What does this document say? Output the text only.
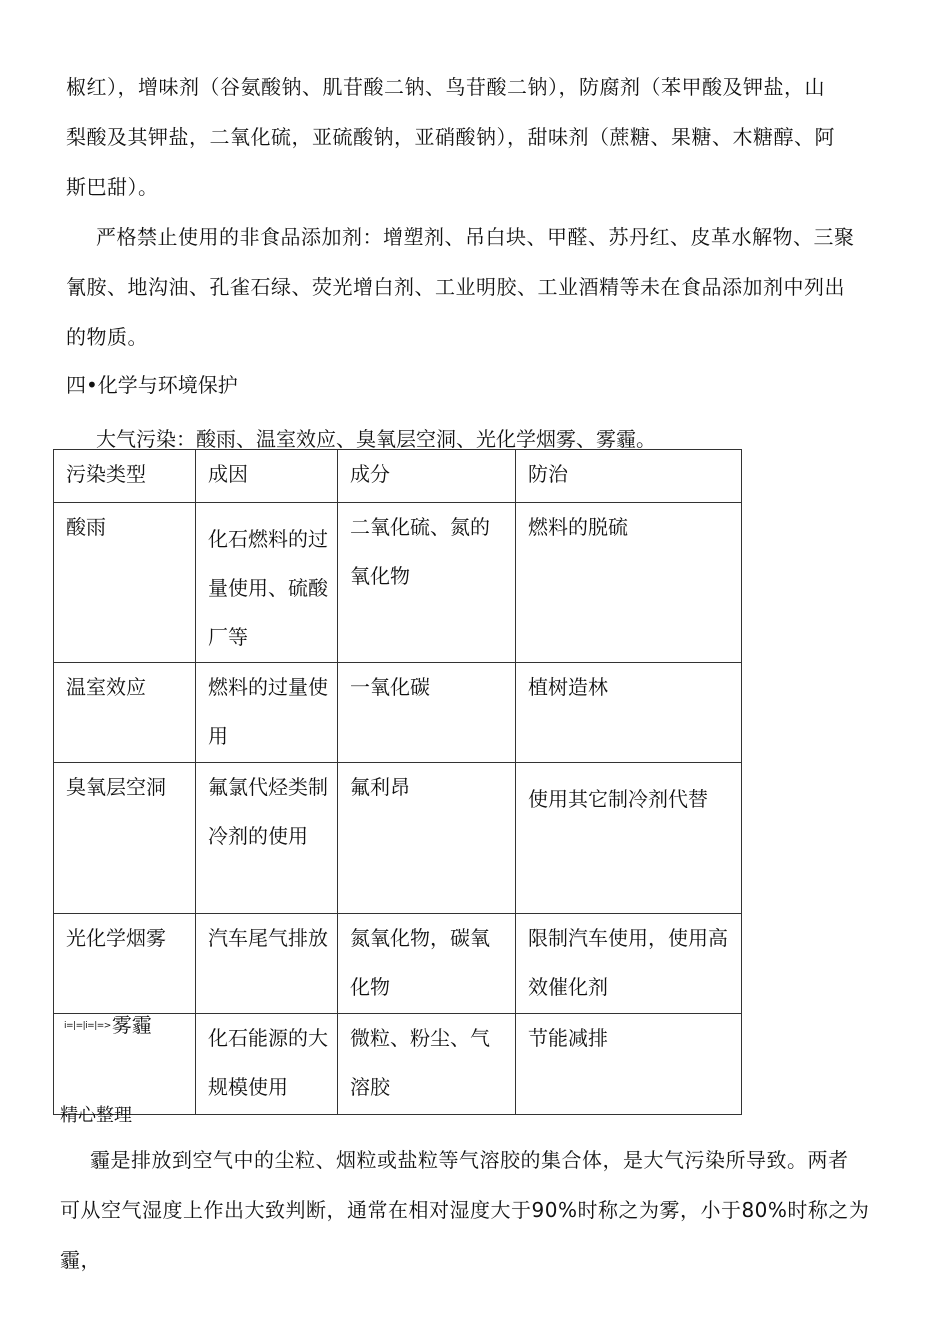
椒红），增味剂（谷氨酸钠、肌苷酸二钠、鸟苷酸二钠），防腐剂（苯甲酸及钾盐，山
梨酸及其钾盐，二氧化硫，亚硫酸钠，亚硝酸钠），甜味剂（蔗糖、果糖、木糖醇、阿
斯巴甜）。
严格禁止使用的非食品添加剂：增塑剂、吊白块、甲醛、苏丹红、皮革水解物、三聚
氰胺、地沟油、孔雀石绿、荧光增白剂、工业明胶、工业酒精等未在食品添加剂中列出
的物质。
四•化学与环境保护
大气污染：酸雨、温室效应、臭氧层空洞、光化学烟雾、雾霾。
污染类型	成因	成分	防治

酸雨	化石燃料的过量使用、硫酸厂等	二氧化硫、氮的氧化物	燃料的脱硫

温室效应	燃料的过量使用	一氧化碳	植树造林

臭氧层空洞	氟氯代烃类制冷剂的使用	氟利昂	使用其它制冷剂代替

光化学烟雾	汽车尾气排放	氮氧化物，碳氧化物	限制汽车使用，使用高效催化剂

$^{i=|=|i=|=>}$雾霾	化石能源的大规模使用	微粒、粉尘、气溶胶	节能减排
精心整理
霾是排放到空气中的尘粒、烟粒或盐粒等气溶胶的集合体，是大气污染所导致。两者
可从空气湿度上作出大致判断，通常在相对湿度大于90%时称之为雾，小于80%时称之为霾，
